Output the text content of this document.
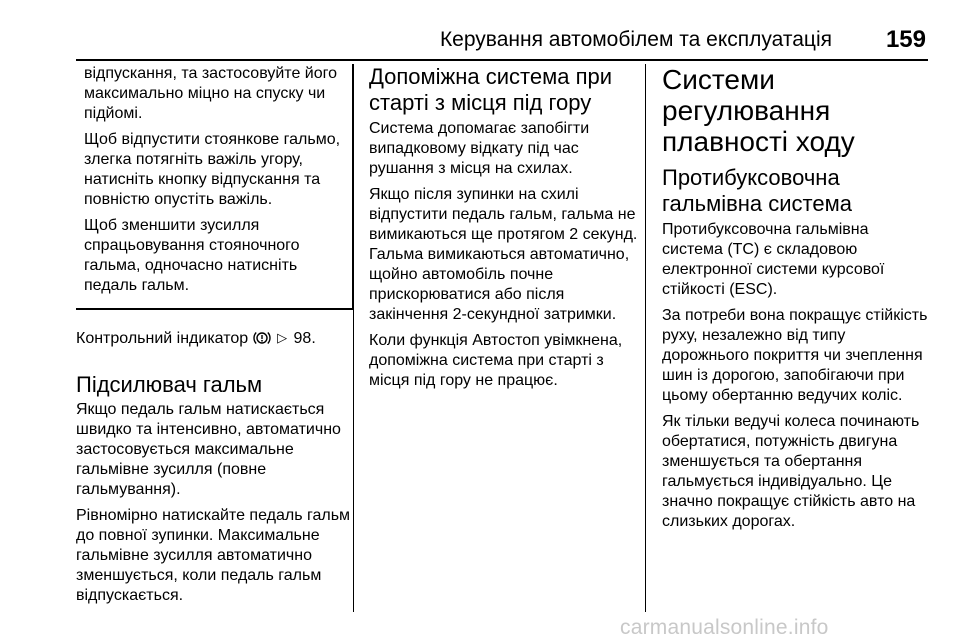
Керування автомобілем та експлуатація 159

відпускання, та застосовуйте його максимально міцно на спуску чи підйомі.

Щоб відпустити стоянкове гальмо, злегка потягніть важіль угору, натисніть кнопку відпускання та повністю опустіть важіль.

Щоб зменшити зусилля спрацьовування стояночного гальма, одночасно натисніть педаль гальм.

Контрольний індикатор ▷ 98.

Підсилювач гальм

Якщо педаль гальм натискається швидко та інтенсивно, автоматично застосовується максимальне гальмівне зусилля (повне гальмування).

Рівномірно натискайте педаль гальм до повної зупинки. Максимальне гальмівне зусилля автоматично зменшується, коли педаль гальм відпускається.

Допоміжна система при старті з місця під гору

Система допомагає запобігти випадковому відкату під час рушання з місця на схилах.

Якщо після зупинки на схилі відпустити педаль гальм, гальма не вимикаються ще протягом 2 секунд. Гальма вимикаються автоматично, щойно автомобіль почне прискорюватися або після закінчення 2-секундної затримки.

Коли функція Автостоп увімкнена, допоміжна система при старті з місця під гору не працює.

Системи регулювання плавності ходу
Протибуксовочна гальмівна система

Протибуксовочна гальмівна система (TC) є складовою електронної системи курсової стійкості (ESC).

За потреби вона покращує стійкість руху, незалежно від типу дорожнього покриття чи зчеплення шин із дорогою, запобігаючи при цьому обертанню ведучих коліс.

Як тільки ведучі колеса починають обертатися, потужність двигуна зменшується та обертання гальмується індивідуально. Це значно покращує стійкість авто на слизьких дорогах.

carmanualsonline.info
